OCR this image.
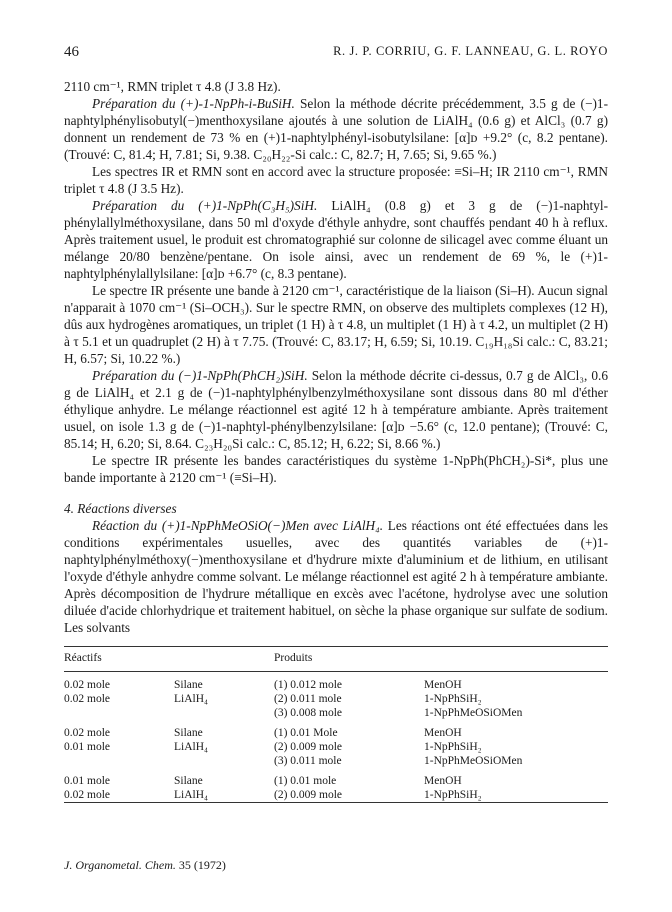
46	R. J. P. CORRIU, G. F. LANNEAU, G. L. ROYO

2110 cm⁻¹, RMN triplet τ 4.8 (J 3.8 Hz).

Préparation du (+)-1-NpPh-i-BuSiH. Selon la méthode décrite précédemment, 3.5 g de (−)1-naphtylphénylisobutyl(−)menthoxysilane ajoutés à une solution de LiAlH₄ (0.6 g) et AlCl₃ (0.7 g) donnent un rendement de 73 % en (+)1-naphtylphényl-isobutylsilane: [α]ᴅ +9.2° (c, 8.2 pentane). (Trouvé: C, 81.4; H, 7.81; Si, 9.38. C₂₀H₂₂-Si calc.: C, 82.7; H, 7.65; Si, 9.65 %.)

Les spectres IR et RMN sont en accord avec la structure proposée: ≡Si–H; IR 2110 cm⁻¹, RMN triplet τ 4.8 (J 3.5 Hz).

Préparation du (+)1-NpPh(C₃H₅)SiH. LiAlH₄ (0.8 g) et 3 g de (−)1-naphtyl-phénylallylméthoxysilane, dans 50 ml d'oxyde d'éthyle anhydre, sont chauffés pendant 40 h à reflux. Après traitement usuel, le produit est chromatographié sur colonne de silicagel avec comme éluant un mélange 20/80 benzène/pentane. On isole ainsi, avec un rendement de 69 %, le (+)1-naphtylphénylallylsilane: [α]ᴅ +6.7° (c, 8.3 pentane).

Le spectre IR présente une bande à 2120 cm⁻¹, caractéristique de la liaison (Si–H). Aucun signal n'apparait à 1070 cm⁻¹ (Si–OCH₃). Sur le spectre RMN, on observe des multiplets complexes (12 H), dûs aux hydrogènes aromatiques, un triplet (1 H) à τ 4.8, un multiplet (1 H) à τ 4.2, un multiplet (2 H) à τ 5.1 et un quadruplet (2 H) à τ 7.75. (Trouvé: C, 83.17; H, 6.59; Si, 10.19. C₁₉H₁₈Si calc.: C, 83.21; H, 6.57; Si, 10.22 %.)

Préparation du (−)1-NpPh(PhCH₂)SiH. Selon la méthode décrite ci-dessus, 0.7 g de AlCl₃, 0.6 g de LiAlH₄ et 2.1 g de (−)1-naphtylphénylbenzylméthoxysilane sont dissous dans 80 ml d'éther éthylique anhydre. Le mélange réactionnel est agité 12 h à température ambiante. Après traitement usuel, on isole 1.3 g de (−)1-naphtyl-phénylbenzylsilane: [α]ᴅ −5.6° (c, 12.0 pentane); (Trouvé: C, 85.14; H, 6.20; Si, 8.64. C₂₃H₂₀Si calc.: C, 85.12; H, 6.22; Si, 8.66 %.)

Le spectre IR présente les bandes caractéristiques du système 1-NpPh(PhCH₂)-Si*, plus une bande importante à 2120 cm⁻¹ (≡Si–H).

4. Réactions diverses

Réaction du (+)1-NpPhMeOSiO(−)Men avec LiAlH₄. Les réactions ont été effectuées dans les conditions expérimentales usuelles, avec des quantités variables de (+)1-naphtylphénylméthoxy(−)menthoxysilane et d'hydrure mixte d'aluminium et de lithium, en utilisant l'oxyde d'éthyle anhydre comme solvant. Le mélange réactionnel est agité 2 h à température ambiante. Après décomposition de l'hydrure métallique en excès avec l'acétone, hydrolyse avec une solution diluée d'acide chlorhydrique et traitement habituel, on sèche la phase organique sur sulfate de sodium. Les solvants

Réactifs		Produits	
0.02 mole	Silane	(1) 0.012 mole	MenOH
0.02 mole	LiAlH₄	(2) 0.011 mole	1-NpPhSiH₂
		(3) 0.008 mole	1-NpPhMeOSiOMen
0.02 mole	Silane	(1) 0.01 Mole	MenOH
0.01 mole	LiAlH₄	(2) 0.009 mole	1-NpPhSiH₂
		(3) 0.011 mole	1-NpPhMeOSiOMen
0.01 mole	Silane	(1) 0.01 mole	MenOH
0.02 mole	LiAlH₄	(2) 0.009 mole	1-NpPhSiH₂
J. Organometal. Chem. 35 (1972)
